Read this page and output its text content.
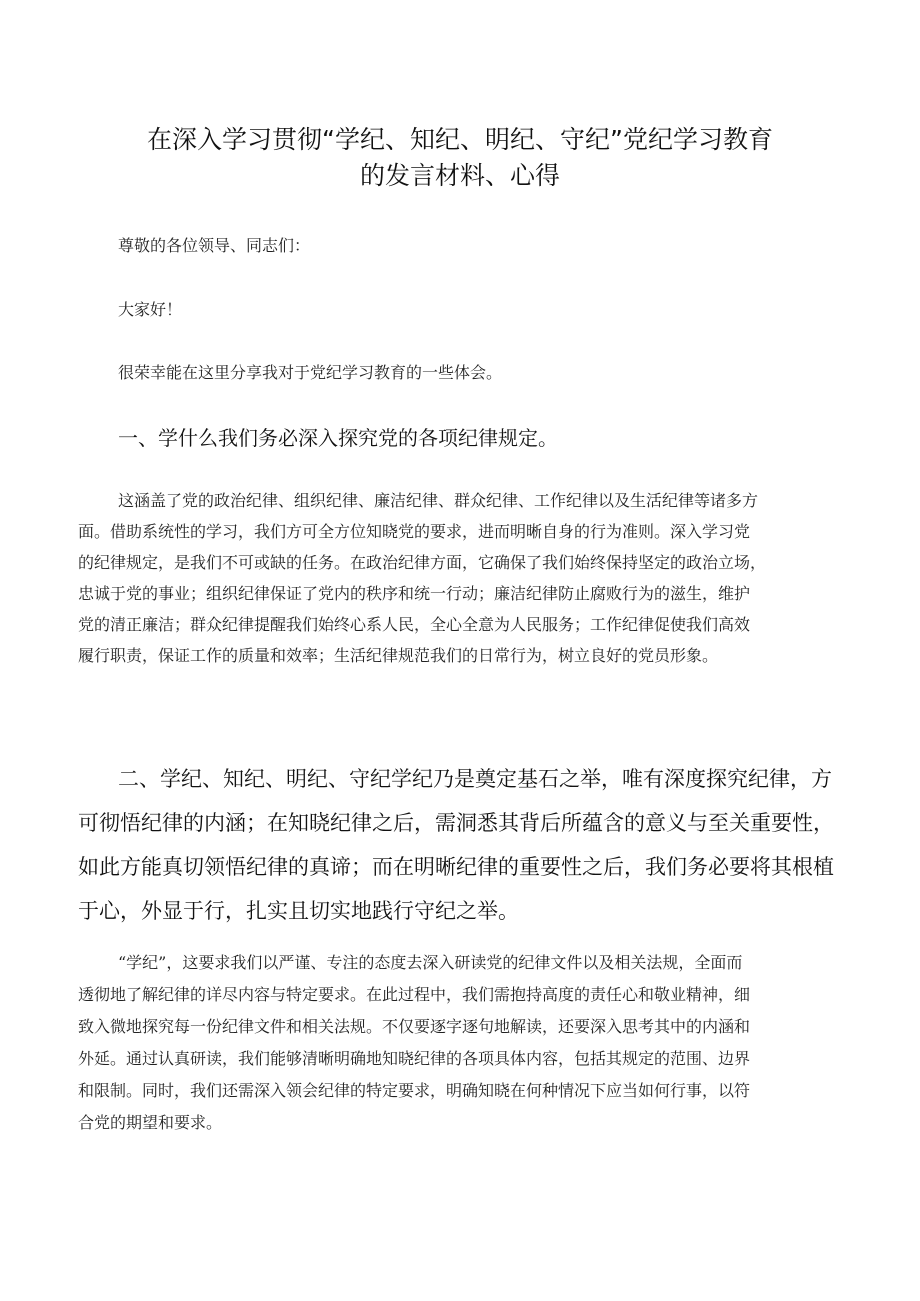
在深入学习贯彻“学纪、知纪、明纪、守纪”党纪学习教育
的发言材料、心得

尊敬的各位领导、同志们：

大家好！

很荣幸能在这里分享我对于党纪学习教育的一些体会。

一、学什么我们务必深入探究党的各项纪律规定。
这涵盖了党的政治纪律、组织纪律、廉洁纪律、群众纪律、工作纪律以及生活纪律等诸多方
面。借助系统性的学习，我们方可全方位知晓党的要求，进而明晰自身的行为准则。深入学习党
的纪律规定，是我们不可或缺的任务。在政治纪律方面，它确保了我们始终保持坚定的政治立场，
忠诚于党的事业；组织纪律保证了党内的秩序和统一行动；廉洁纪律防止腐败行为的滋生，维护
党的清正廉洁；群众纪律提醒我们始终心系人民，全心全意为人民服务；工作纪律促使我们高效
履行职责，保证工作的质量和效率；生活纪律规范我们的日常行为，树立良好的党员形象。
二、学纪、知纪、明纪、守纪学纪乃是奠定基石之举，唯有深度探究纪律，方
可彻悟纪律的内涵；在知晓纪律之后，需洞悉其背后所蕴含的意义与至关重要性，
如此方能真切领悟纪律的真谛；而在明晰纪律的重要性之后，我们务必要将其根植
于心，外显于行，扎实且切实地践行守纪之举。
“学纪”，这要求我们以严谨、专注的态度去深入研读党的纪律文件以及相关法规，全面而
透彻地了解纪律的详尽内容与特定要求。在此过程中，我们需抱持高度的责任心和敬业精神，细
致入微地探究每一份纪律文件和相关法规。不仅要逐字逐句地解读，还要深入思考其中的内涵和
外延。通过认真研读，我们能够清晰明确地知晓纪律的各项具体内容，包括其规定的范围、边界
和限制。同时，我们还需深入领会纪律的特定要求，明确知晓在何种情况下应当如何行事，以符
合党的期望和要求。
